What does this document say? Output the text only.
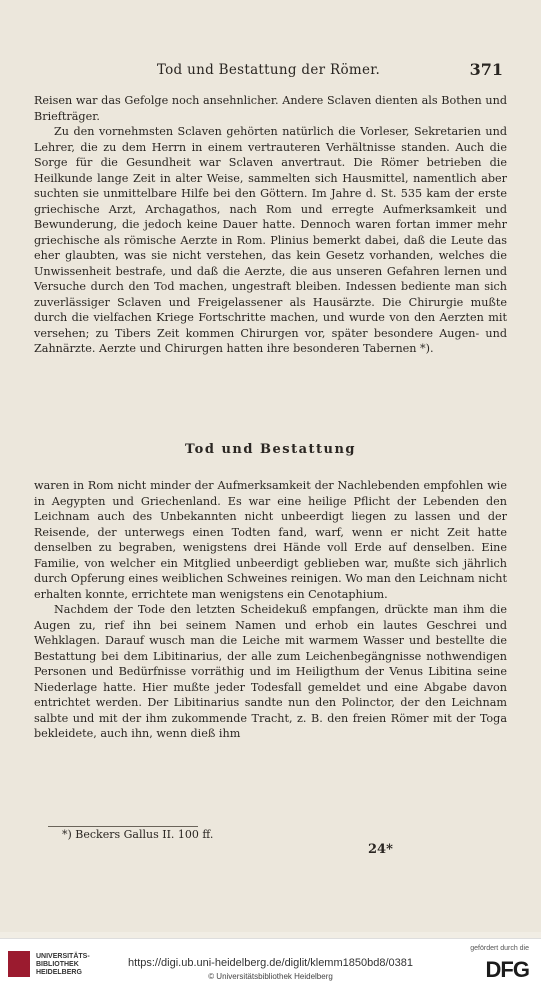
Tod und Bestattung der Römer.	371

Reisen war das Gefolge noch ansehnlicher. Andere Sclaven dienten als Bothen und Briefträger.

Zu den vornehmsten Sclaven gehörten natürlich die Vorleser, Sekretarien und Lehrer, die zu dem Herrn in einem vertrauteren Verhältnisse standen. Auch die Sorge für die Gesundheit war Sclaven anvertraut. Die Römer betrieben die Heilkunde lange Zeit in alter Weise, sammelten sich Hausmittel, namentlich aber suchten sie unmittelbare Hilfe bei den Göttern. Im Jahre d. St. 535 kam der erste griechische Arzt, Archagathos, nach Rom und erregte Aufmerksamkeit und Bewunderung, die jedoch keine Dauer hatte. Dennoch waren fortan immer mehr griechische als römische Aerzte in Rom. Plinius bemerkt dabei, daß die Leute das eher glaubten, was sie nicht verstehen, das kein Gesetz vorhanden, welches die Unwissenheit bestrafe, und daß die Aerzte, die aus unseren Gefahren lernen und Versuche durch den Tod machen, ungestraft bleiben. Indessen bediente man sich zuverlässiger Sclaven und Freigelassener als Hausärzte. Die Chirurgie mußte durch die vielfachen Kriege Fortschritte machen, und wurde von den Aerzten mit versehen; zu Tibers Zeit kommen Chirurgen vor, später besondere Augen- und Zahnärzte. Aerzte und Chirurgen hatten ihre besonderen Tabernen *).

Tod und Bestattung

waren in Rom nicht minder der Aufmerksamkeit der Nachlebenden empfohlen wie in Aegypten und Griechenland. Es war eine heilige Pflicht der Lebenden den Leichnam auch des Unbekannten nicht unbeerdigt liegen zu lassen und der Reisende, der unterwegs einen Todten fand, warf, wenn er nicht Zeit hatte denselben zu begraben, wenigstens drei Hände voll Erde auf denselben. Eine Familie, von welcher ein Mitglied unbeerdigt geblieben war, mußte sich jährlich durch Opferung eines weiblichen Schweines reinigen. Wo man den Leichnam nicht erhalten konnte, errichtete man wenigstens ein Cenotaphium.

Nachdem der Tode den letzten Scheidekuß empfangen, drückte man ihm die Augen zu, rief ihn bei seinem Namen und erhob ein lautes Geschrei und Wehklagen. Darauf wusch man die Leiche mit warmem Wasser und bestellte die Bestattung bei dem Libitinarius, der alle zum Leichenbegängnisse nothwendigen Personen und Bedürfnisse vorräthig und im Heiligthum der Venus Libitina seine Niederlage hatte. Hier mußte jeder Todesfall gemeldet und eine Abgabe davon entrichtet werden. Der Libitinarius sandte nun den Polinctor, der den Leichnam salbte und mit der ihm zukommende Tracht, z. B. den freien Römer mit der Toga bekleidete, auch ihn, wenn dieß ihm

*) Beckers Gallus II. 100 ff.
24*
UNIVERSITÄTS-
BIBLIOTHEK
HEIDELBERG
https://digi.ub.uni-heidelberg.de/diglit/klemm1850bd8/0381
© Universitätsbibliothek Heidelberg
gefördert durch die
DFG
